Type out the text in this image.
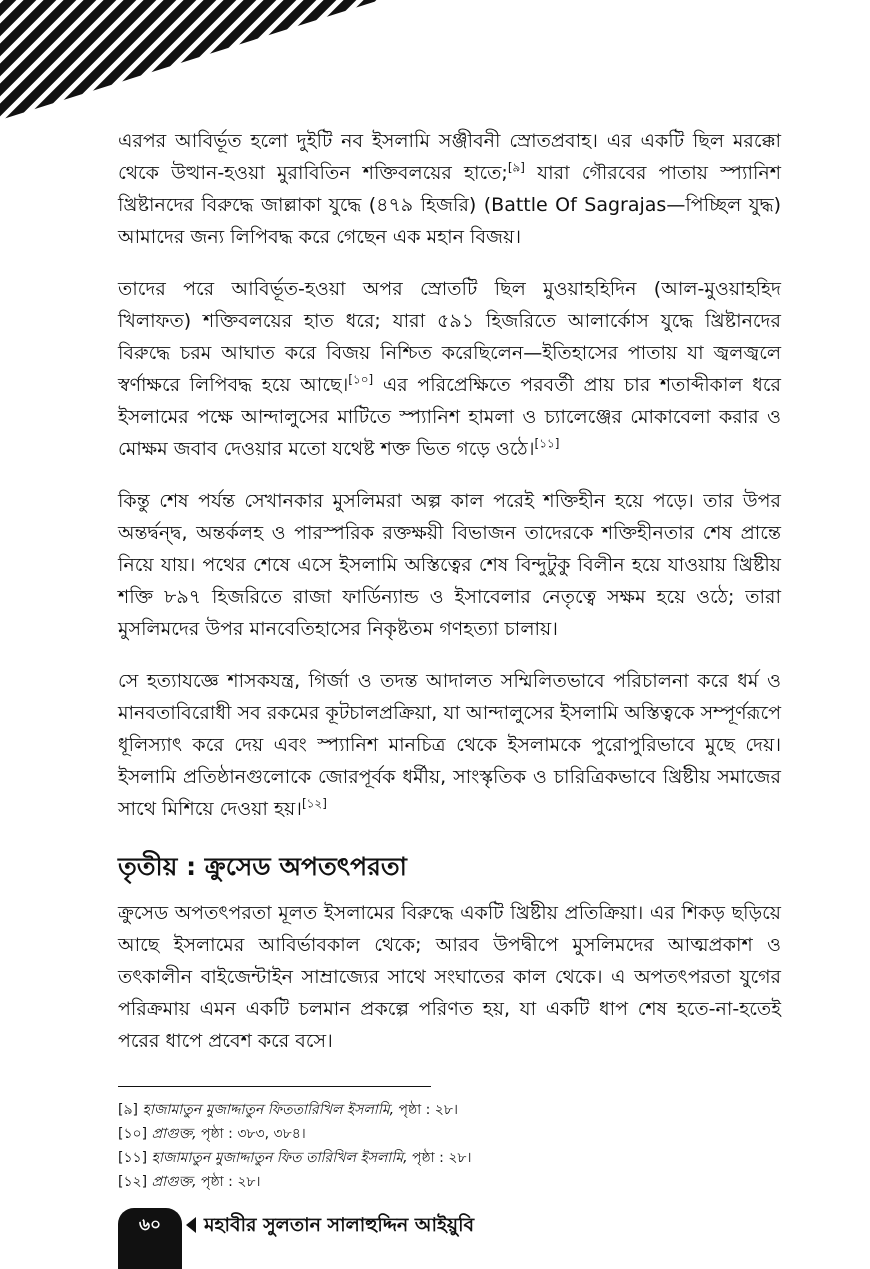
এরপর আবির্ভূত হলো দুইটি নব ইসলামি সঞ্জীবনী স্রোতপ্রবাহ। এর একটি ছিল মরক্কো থেকে উত্থান-হওয়া মুরাবিতিন শক্তিবলয়ের হাতে;[৯] যারা গৌরবের পাতায় স্প্যানিশ খ্রিষ্টানদের বিরুদ্ধে জাল্লাকা যুদ্ধে (৪৭৯ হিজরি) (Battle Of Sagrajas—পিচ্ছিল যুদ্ধ) আমাদের জন্য লিপিবদ্ধ করে গেছেন এক মহান বিজয়।

তাদের পরে আবির্ভূত-হওয়া অপর স্রোতটি ছিল মুওয়াহহিদিন (আল-মুওয়াহহিদ খিলাফত) শক্তিবলয়ের হাত ধরে; যারা ৫৯১ হিজরিতে আলার্কোস যুদ্ধে খ্রিষ্টানদের বিরুদ্ধে চরম আঘাত করে বিজয় নিশ্চিত করেছিলেন—ইতিহাসের পাতায় যা জ্বলজ্বলে স্বর্ণাক্ষরে লিপিবদ্ধ হয়ে আছে।[১০] এর পরিপ্রেক্ষিতে পরবর্তী প্রায় চার শতাব্দীকাল ধরে ইসলামের পক্ষে আন্দালুসের মাটিতে স্প্যানিশ হামলা ও চ্যালেঞ্জের মোকাবেলা করার ও মোক্ষম জবাব দেওয়ার মতো যথেষ্ট শক্ত ভিত গড়ে ওঠে।[১১]

কিন্তু শেষ পর্যন্ত সেখানকার মুসলিমরা অল্প কাল পরেই শক্তিহীন হয়ে পড়ে। তার উপর অন্তর্দ্বন্দ্ব, অন্তর্কলহ ও পারস্পরিক রক্তক্ষয়ী বিভাজন তাদেরকে শক্তিহীনতার শেষ প্রান্তে নিয়ে যায়। পথের শেষে এসে ইসলামি অস্তিত্বের শেষ বিন্দুটুকু বিলীন হয়ে যাওয়ায় খ্রিষ্টীয় শক্তি ৮৯৭ হিজরিতে রাজা ফার্ডিন্যান্ড ও ইসাবেলার নেতৃত্বে সক্ষম হয়ে ওঠে; তারা মুসলিমদের উপর মানবেতিহাসের নিকৃষ্টতম গণহত্যা চালায়।

সে হত্যাযজ্ঞে শাসকযন্ত্র, গির্জা ও তদন্ত আদালত সম্মিলিতভাবে পরিচালনা করে ধর্ম ও মানবতাবিরোধী সব রকমের কূটচালপ্রক্রিয়া, যা আন্দালুসের ইসলামি অস্তিত্বকে সম্পূর্ণরূপে ধূলিস্যাৎ করে দেয় এবং স্প্যানিশ মানচিত্র থেকে ইসলামকে পুরোপুরিভাবে মুছে দেয়। ইসলামি প্রতিষ্ঠানগুলোকে জোরপূর্বক ধর্মীয়, সাংস্কৃতিক ও চারিত্রিকভাবে খ্রিষ্টীয় সমাজের সাথে মিশিয়ে দেওয়া হয়।[১২]

তৃতীয় : ক্রুসেড অপতৎপরতা

ক্রুসেড অপতৎপরতা মূলত ইসলামের বিরুদ্ধে একটি খ্রিষ্টীয় প্রতিক্রিয়া। এর শিকড় ছড়িয়ে আছে ইসলামের আবির্ভাবকাল থেকে; আরব উপদ্বীপে মুসলিমদের আত্মপ্রকাশ ও তৎকালীন বাইজেন্টাইন সাম্রাজ্যের সাথে সংঘাতের কাল থেকে। এ অপতৎপরতা যুগের পরিক্রমায় এমন একটি চলমান প্রকল্পে পরিণত হয়, যা একটি ধাপ শেষ হতে-না-হতেই পরের ধাপে প্রবেশ করে বসে।

[৯] হাজামাতুন মুজাদ্দাতুন ফিততারিখিল ইসলামি, পৃষ্ঠা : ২৮।

[১০] প্রাগুক্ত, পৃষ্ঠা : ৩৮৩, ৩৮৪।

[১১] হাজামাতুন মুজাদ্দাতুন ফিত তারিখিল ইসলামি, পৃষ্ঠা : ২৮।

[১২] প্রাগুক্ত, পৃষ্ঠা : ২৮।

৬০	মহাবীর সুলতান সালাহুদ্দিন আইয়ুবি
